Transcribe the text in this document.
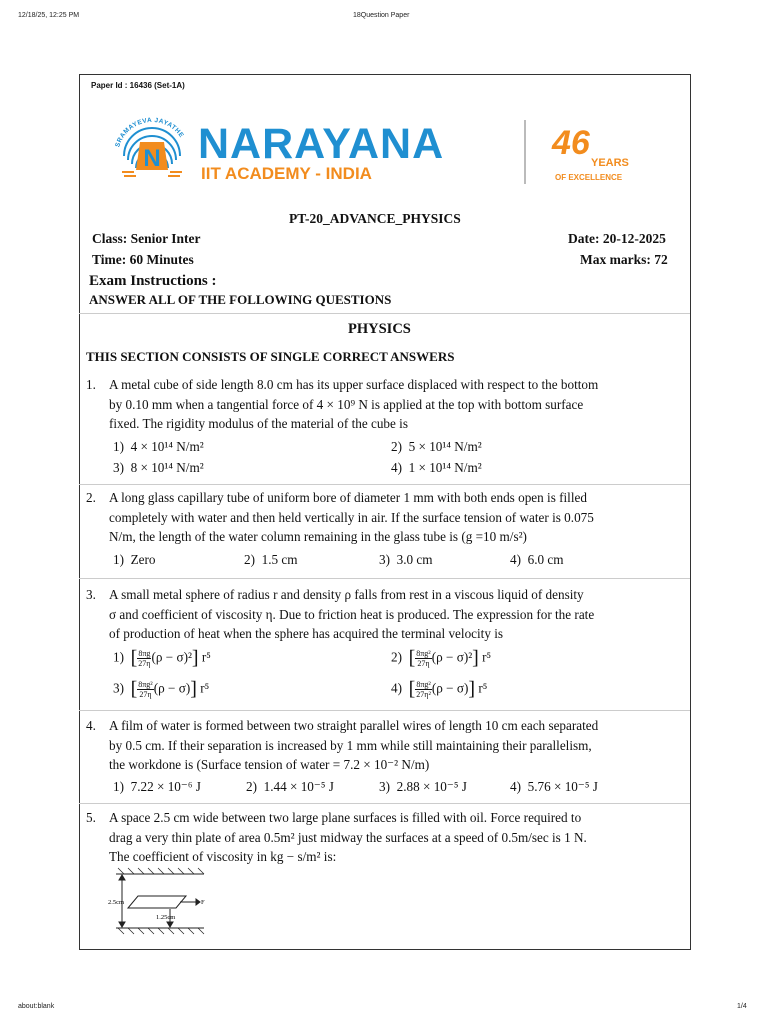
12/18/25, 12:25 PM	18Question Paper
about:blank	1/4
Paper Id : 16436 (Set-1A)
SRAMAYEVA JAYATHE
N NARAYANA
IIT ACADEMY - INDIA
46
YEARS
OF EXCELLENCE
PT-20_ADVANCE_PHYSICS
Class: Senior Inter	Date: 20-12-2025
Time: 60 Minutes	Max marks: 72
Exam Instructions :
ANSWER ALL OF THE FOLLOWING QUESTIONS
PHYSICS
THIS SECTION CONSISTS OF SINGLE CORRECT ANSWERS
1. A metal cube of side length 8.0 cm has its upper surface displaced with respect to the bottom
by 0.10 mm when a tangential force of 4 × 10⁹ N is applied at the top with bottom surface
fixed. The rigidity modulus of the material of the cube is
1) 4 × 10¹⁴ N/m²	2) 5 × 10¹⁴ N/m²
3) 8 × 10¹⁴ N/m²	4) 1 × 10¹⁴ N/m²
2. A long glass capillary tube of uniform bore of diameter 1 mm with both ends open is filled
completely with water and then held vertically in air. If the surface tension of water is 0.075
N/m, the length of the water column remaining in the glass tube is (g =10 m/s²)
1) Zero	2) 1.5 cm	3) 3.0 cm	4) 6.0 cm
3. A small metal sphere of radius r and density ρ falls from rest in a viscous liquid of density
σ and coefficient of viscosity η. Due to friction heat is produced. The expression for the rate
of production of heat when the sphere has acquired the terminal velocity is
1) [ $\frac{8\pi g}{27\eta} (\rho - \sigma)^2$] r⁵	2) [ $\frac{\text{8πg²}}{27\eta} (\rho - \sigma)^2$] r⁵
3) [ $\frac{\text{8πg²}}{27\eta} (\rho - \sigma)$] r⁵	4) [ $\frac{\text{8πg²}}{\text{27η²}} (\rho - \sigma)$] r⁵
4. A film of water is formed between two straight parallel wires of length 10 cm each separated
by 0.5 cm. If their separation is increased by 1 mm while still maintaining their parallelism,
the workdone is (Surface tension of water = 7.2 × 10⁻² N/m)
1) 7.22 × 10⁻⁶ J	2) 1.44 × 10⁻⁵ J	3) 2.88 × 10⁻⁵ J	4) 5.76 × 10⁻⁵ J
5. A space 2.5 cm wide between two large plane surfaces is filled with oil. Force required to
drag a very thin plate of area 0.5m² just midway the surfaces at a speed of 0.5m/sec is 1 N.
The coefficient of viscosity in kg − s/m² is:
2.5cm	F
1.25cm
